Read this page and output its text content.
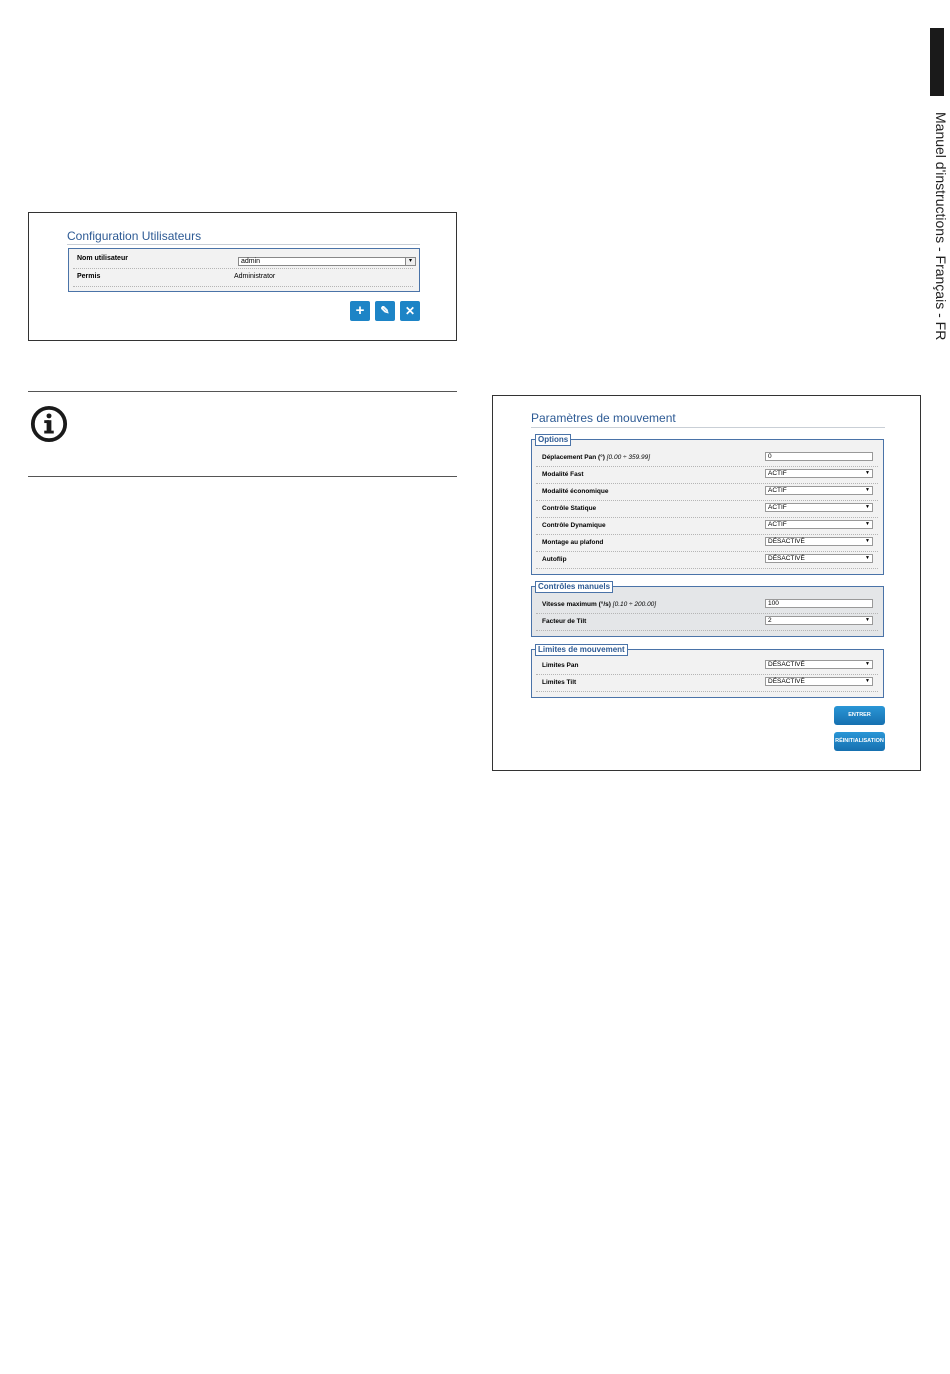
Manuel d'instructions - Français - FR
Configuration Utilisateurs
Nom utilisateur	admin	▾
Permis	Administrator
+	✎	✕
Paramètres de mouvement
Options
Déplacement Pan (°) [0.00 ÷ 359.99]	0
Modalité Fast	ACTIF	▼
Modalité économique	ACTIF	▼
Contrôle Statique	ACTIF	▼
Contrôle Dynamique	ACTIF	▼
Montage au plafond	DÉSACTIVÉ	▼
Autoflip	DÉSACTIVÉ	▼
Contrôles manuels
Vitesse maximum (°/s) [0.10 ÷ 200.00]	100
Facteur de Tilt	2	▼
Limites de mouvement
Limites Pan	DÉSACTIVÉ	▼
Limites Tilt	DÉSACTIVÉ	▼
ENTRER
RÉINITIALISATION
